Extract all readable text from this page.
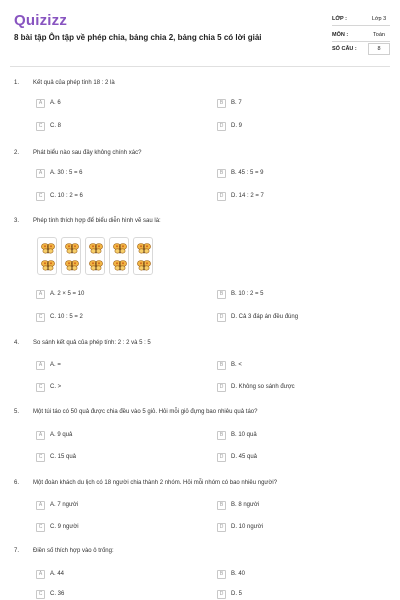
Quizizz
8 bài tập Ôn tập về phép chia, bảng chia 2, bảng chia 5 có lời giải
LỚP :	Lớp 3
MÔN :	Toán
SỐ CÂU :	8
1. Kết quả của phép tính 18 : 2 là
A	A. 6	B	B. 7
C	C. 8	D	D. 9
2. Phát biểu nào sau đây không chính xác?
A	A. 30 : 5 = 6	B	B. 45 : 5 = 9
C	C. 10 : 2 = 6	D	D. 14 : 2 = 7
3. Phép tính thích hợp để biểu diễn hình vẽ sau là:
A	A. 2 × 5 = 10	B	B. 10 : 2 = 5
C	C. 10 : 5 = 2	D	D. Cả 3 đáp án đều đúng
4. So sánh kết quả của phép tính: 2 : 2 và 5 : 5
A	A. =	B	B. <
C	C. >	D	D. Không so sánh được
5. Một túi táo có 50 quả được chia đều vào 5 giỏ. Hỏi mỗi giỏ đựng bao nhiêu quả táo?
A	A. 9 quả	B	B. 10 quả
C	C. 15 quả	D	D. 45 quả
6. Một đoàn khách du lịch có 18 người chia thành 2 nhóm. Hỏi mỗi nhóm có bao nhiêu người?
A	A. 7 người	B	B. 8 người
C	C. 9 người	D	D. 10 người
7. Điền số thích hợp vào ô trống:
A	A. 44	B	B. 40
C	C. 36	D	D. 5
